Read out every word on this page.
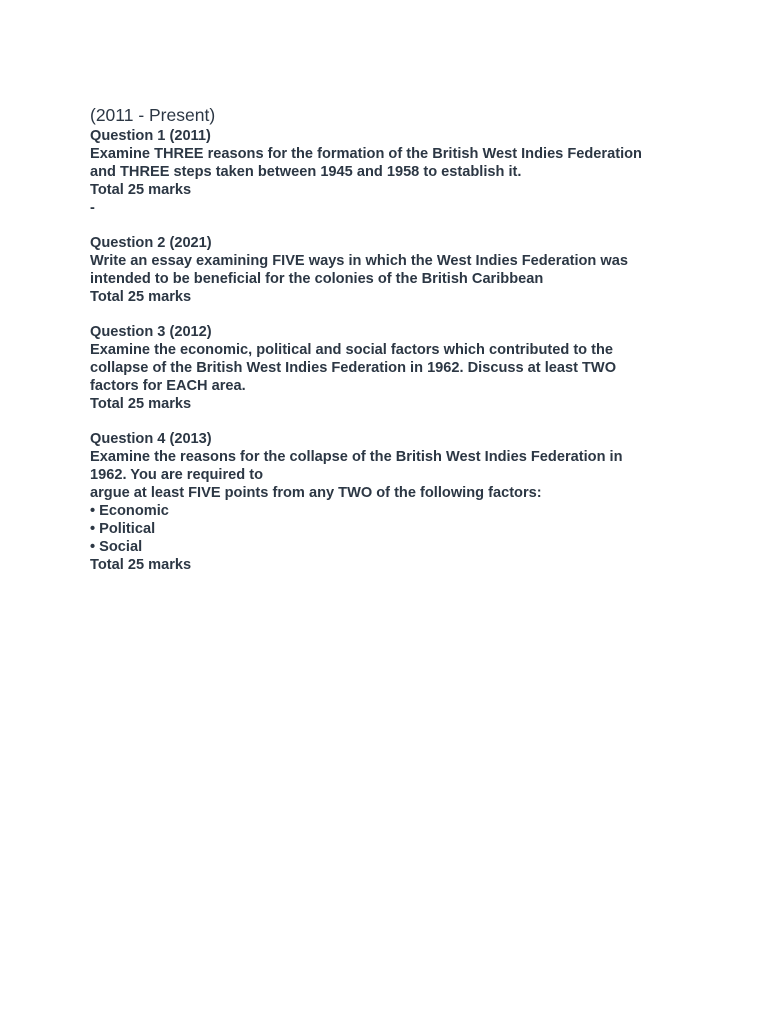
(2011 - Present)

Question 1 (2011)

Examine THREE reasons for the formation of the British West Indies Federation

and THREE steps taken between 1945 and 1958 to establish it.

Total 25 marks

-

Question 2 (2021)

Write an essay examining FIVE ways in which the West Indies Federation was

intended to be beneficial for the colonies of the British Caribbean

Total 25 marks

Question 3 (2012)

Examine the economic, political and social factors which contributed to the

collapse of the British West Indies Federation in 1962. Discuss at least TWO

factors for EACH area.

Total 25 marks

Question 4 (2013)

Examine the reasons for the collapse of the British West Indies Federation in

1962. You are required to

argue at least FIVE points from any TWO of the following factors:

• Economic

• Political

• Social

Total 25 marks
